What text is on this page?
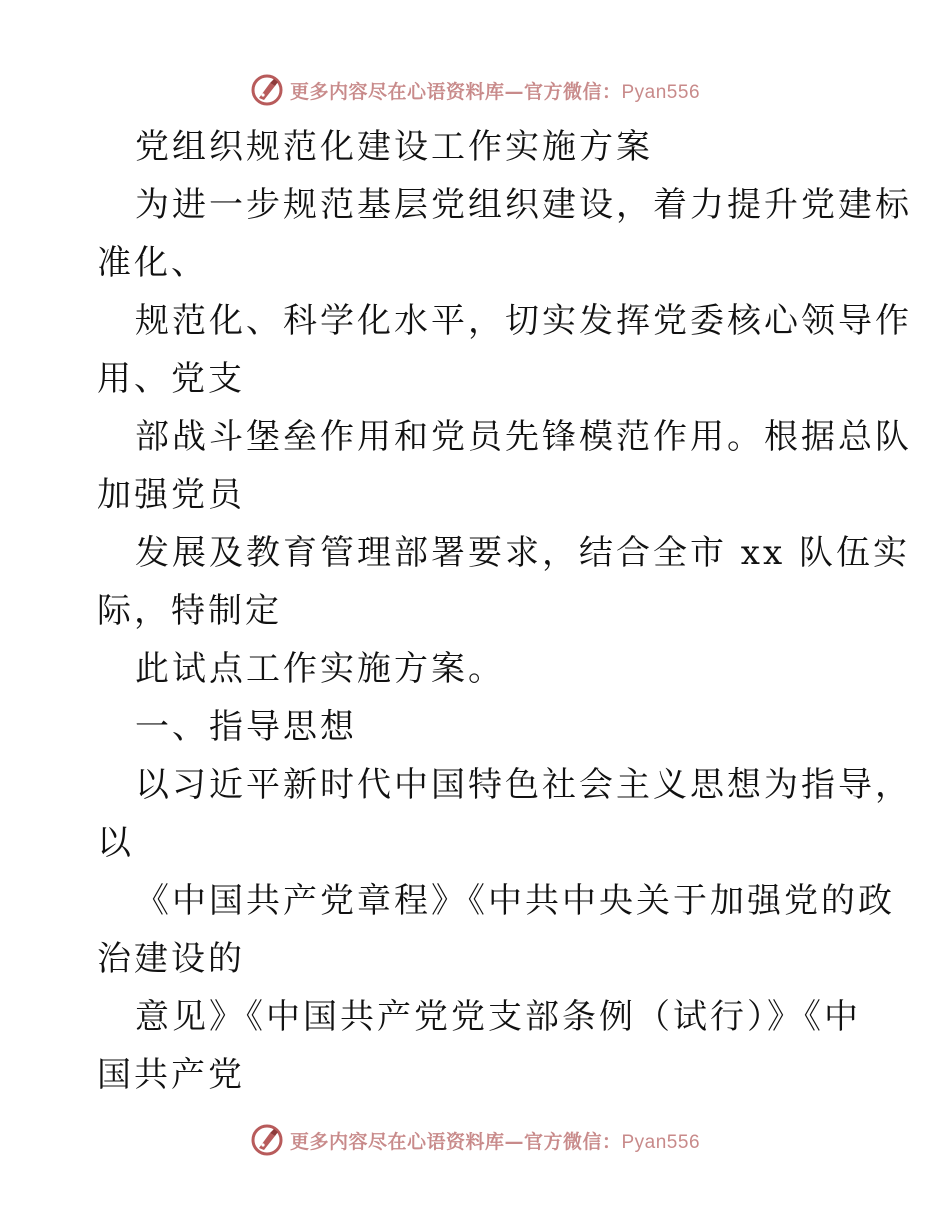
更多内容尽在心语资料库—官方微信：Pyan556
党组织规范化建设工作实施方案
为进一步规范基层党组织建设，着力提升党建标
准化、
规范化、科学化水平，切实发挥党委核心领导作
用、党支
部战斗堡垒作用和党员先锋模范作用。根据总队
加强党员
发展及教育管理部署要求，结合全市 xx 队伍实
际，特制定
此试点工作实施方案。
一、指导思想
以习近平新时代中国特色社会主义思想为指导，
以
《中国共产党章程》《中共中央关于加强党的政
治建设的
意见》《中国共产党党支部条例（试行）》《中
国共产党
更多内容尽在心语资料库—官方微信：Pyan556
